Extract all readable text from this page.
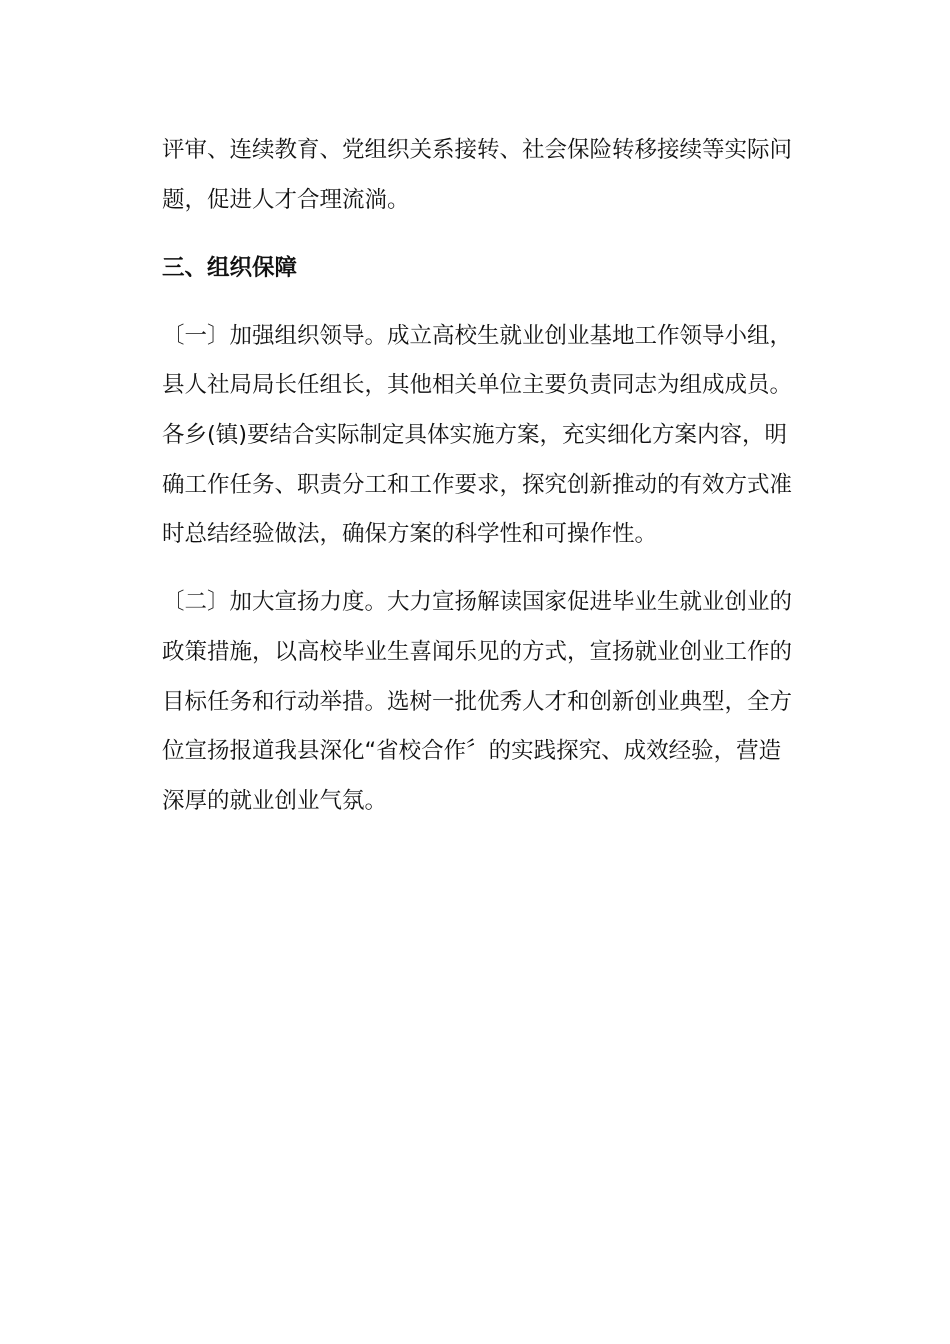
评审、连续教育、党组织关系接转、社会保险转移接续等实际问
题，促进人才合理流淌。
三、组织保障
〔一〕加强组织领导。成立高校生就业创业基地工作领导小组，
县人社局局长任组长，其他相关单位主要负责同志为组成成员。
各乡(镇)要结合实际制定具体实施方案，充实细化方案内容，明
确工作任务、职责分工和工作要求，探究创新推动的有效方式准
时总结经验做法，确保方案的科学性和可操作性。
〔二〕加大宣扬力度。大力宣扬解读国家促进毕业生就业创业的
政策措施，以高校毕业生喜闻乐见的方式，宣扬就业创业工作的
目标任务和行动举措。选树一批优秀人才和创新创业典型，全方
位宣扬报道我县深化“省校合作〞的实践探究、成效经验，营造
深厚的就业创业气氛。
